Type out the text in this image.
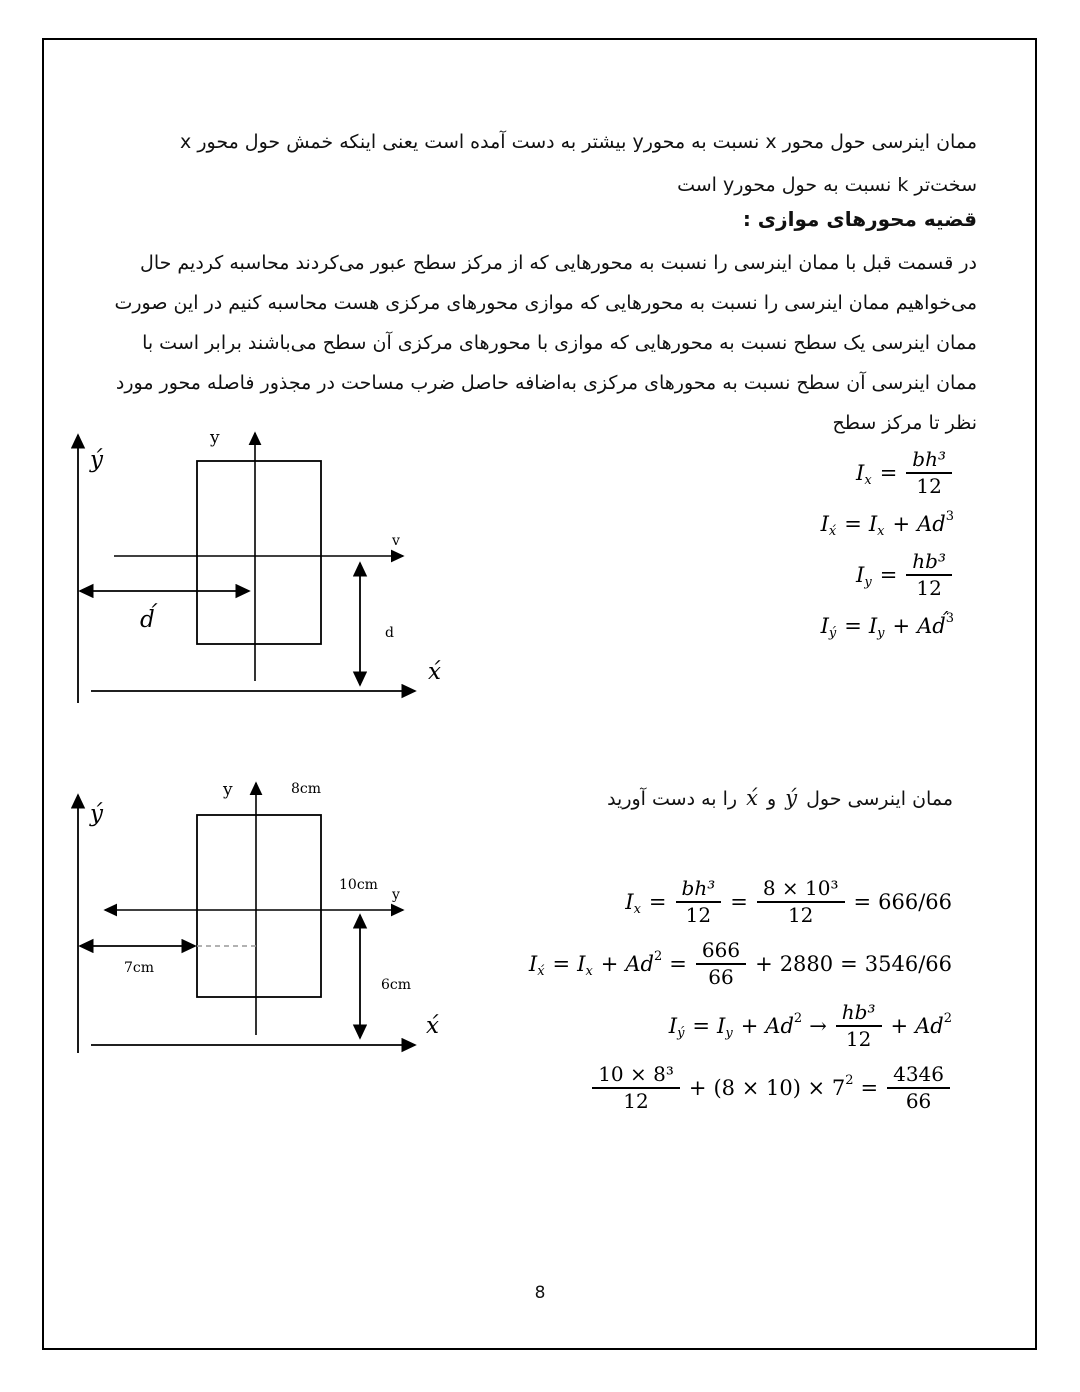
ممان اینرسی حول محور x نسبت به محورy بیشتر به دست آمده است یعنی اینکه خمش حول محور x
سخت‌تر k نسبت به حول محورy است
قضیه محورهای موازی :
در قسمت قبل با ممان اینرسی را نسبت به محورهایی که از مرکز سطح عبور می‌کردند محاسبه کردیم حال
می‌خواهیم ممان اینرسی را نسبت به محورهایی که موازی محورهای مرکزی هست محاسبه کنیم در این صورت
ممان اینرسی یک سطح نسبت به محورهایی که موازی با محورهای مرکزی آن سطح می‌باشند برابر است با
ممان اینرسی آن سطح نسبت به محورهای مرکزی به‌اضافه حاصل ضرب مساحت در مجذور فاصله محور مورد
نظر تا مرکز سطح
ý
y
v
d́	d
x́
I $x = \frac{\text{bh³}}{12}$
I x́ = I x + Ad 3
I $y = \frac{\text{hb³}}{12}$
I ý = I y + Ad́ 3
ممان اینرسی حول ý و x́ را به دست آورید
ý
y	8cm
10cm
y
7cm
6cm
x́
I $x = \frac{\text{bh³}}{12} = \frac{\text{8 × 10³}}{12} = 666/66$
I x́ = I x + Ad $2 = \frac{666}{66} + 2880 = 3546/66$
I ý = I y + Ad $2 \to \frac{\text{hb³}}{12} + Ad$ 2
$\frac{\text{10 × 8³}}{12} + (8 \times 10) \times 7$ $2 = \frac{4346}{66}$
8
